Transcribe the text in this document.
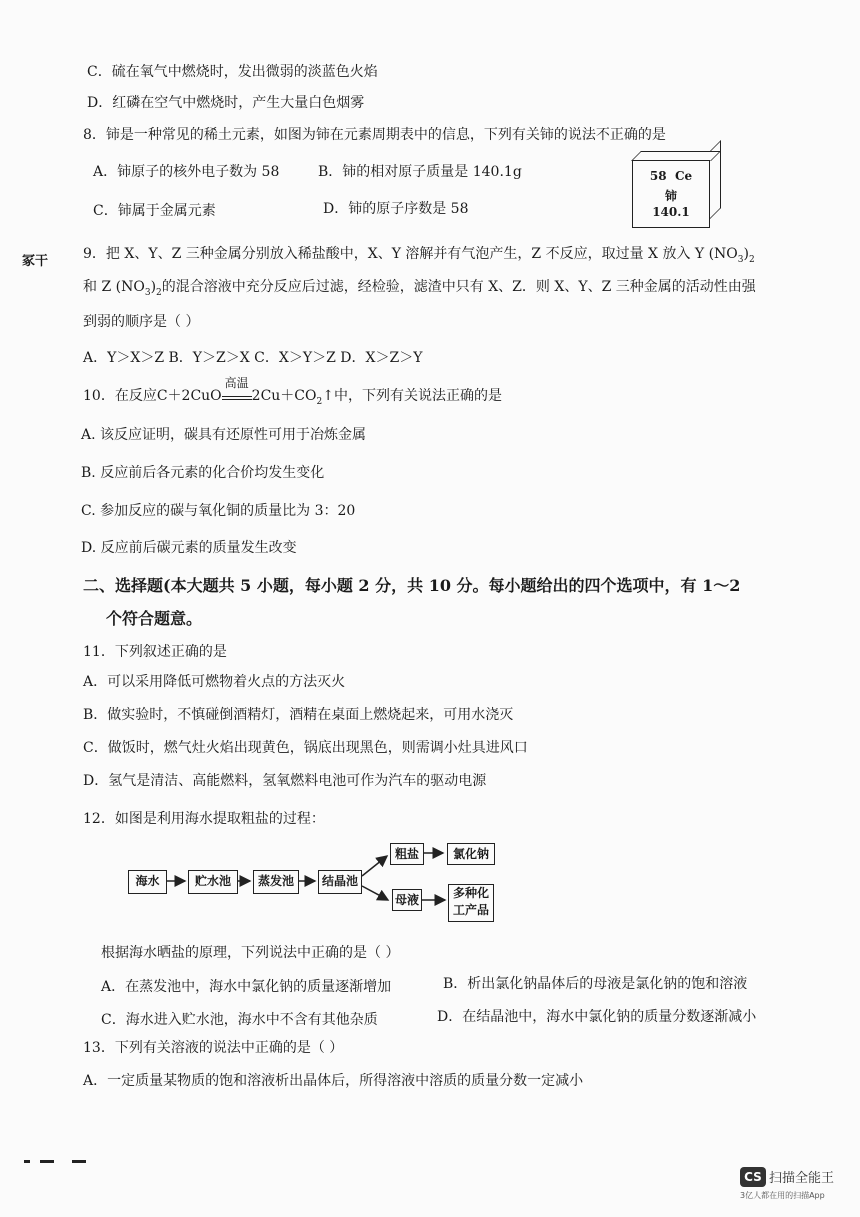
冢干
C．硫在氧气中燃烧时，发出微弱的淡蓝色火焰
D．红磷在空气中燃烧时，产生大量白色烟雾
8．铈是一种常见的稀土元素，如图为铈在元素周期表中的信息，下列有关铈的说法不正确的是
A．铈原子的核外电子数为 58	B．铈的相对原子质量是 140.1g
C．铈属于金属元素	D．铈的原子序数是 58
58 Ce
铈
140.1
9．把 X、Y、Z 三种金属分别放入稀盐酸中，X、Y 溶解并有气泡产生，Z 不反应，取过量 X 放入 Y $(NO_3)_2$
和 Z $(NO_3)_2$的混合溶液中充分反应后过滤，经检验，滤渣中只有 X、Z．则 X、Y、Z 三种金属的活动性由强
到弱的顺序是（ ）
A．Y＞X＞Z B．Y＞Z＞X C．X＞Y＞Z D．X＞Z＞Y
10．在反应C＋2CuO
高温
$2Cu+CO_2↑$中，下列有关说法正确的是
A. 该反应证明，碳具有还原性可用于冶炼金属
B. 反应前后各元素的化合价均发生变化
C. 参加反应的碳与氧化铜的质量比为 3：20
D. 反应前后碳元素的质量发生改变
二、选择题(本大题共 5 小题，每小题 2 分，共 10 分。每小题给出的四个选项中，有 1～2
个符合题意。
11．下列叙述正确的是
A．可以采用降低可燃物着火点的方法灭火
B．做实验时，不慎碰倒酒精灯，酒精在桌面上燃烧起来，可用水浇灭
C．做饭时，燃气灶火焰出现黄色，锅底出现黑色，则需调小灶具进风口
D．氢气是清洁、高能燃料，氢氧燃料电池可作为汽车的驱动电源
12．如图是利用海水提取粗盐的过程：
海水	贮水池	蒸发池	结晶池
粗盐	氯化钠
母液	多种化工产品
根据海水晒盐的原理，下列说法中正确的是（ ）
A．在蒸发池中，海水中氯化钠的质量逐渐增加	B．析出氯化钠晶体后的母液是氯化钠的饱和溶液
C．海水进入贮水池，海水中不含有其他杂质	D．在结晶池中，海水中氯化钠的质量分数逐渐减小
13．下列有关溶液的说法中正确的是（ ）
A．一定质量某物质的饱和溶液析出晶体后，所得溶液中溶质的质量分数一定减小
CS 扫描全能王
3亿人都在用的扫描App
